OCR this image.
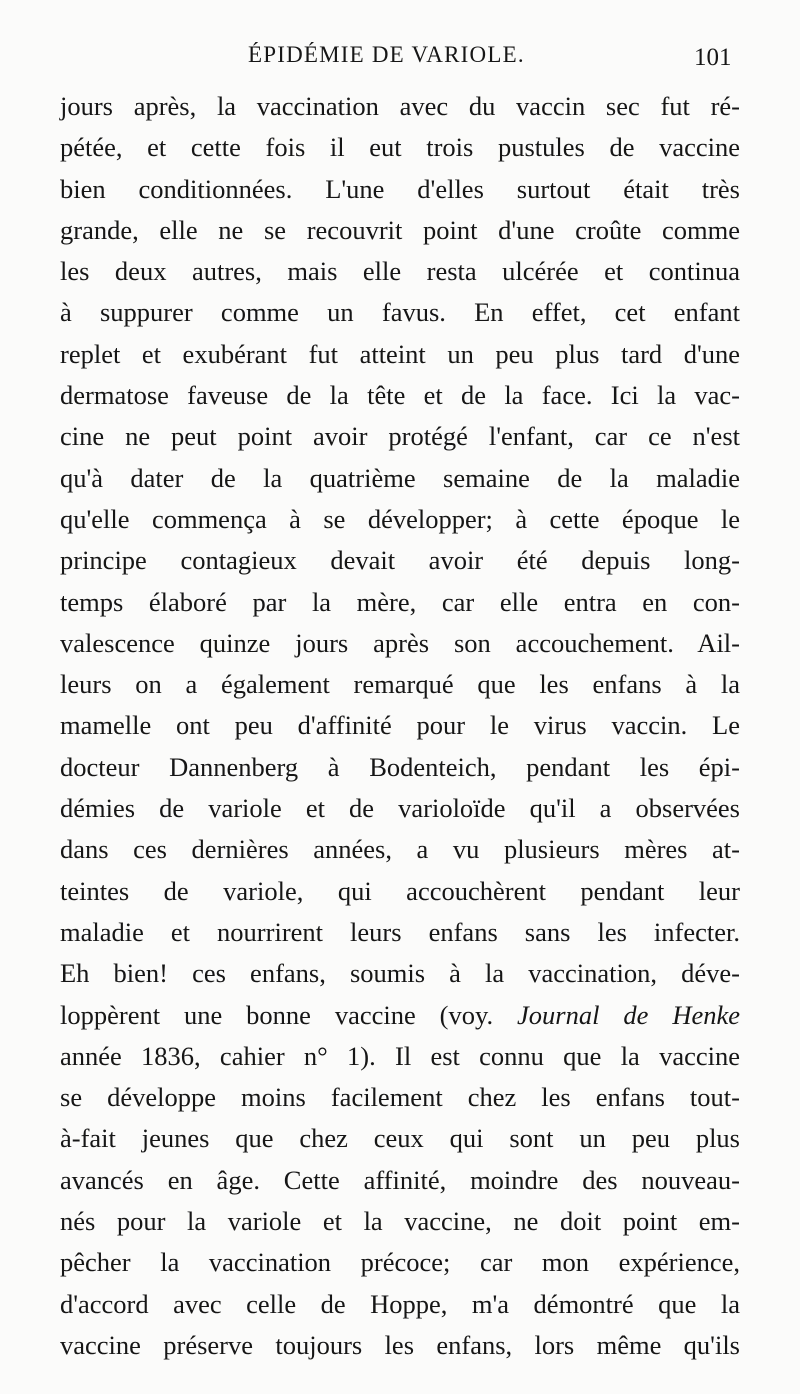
ÉPIDÉMIE DE VARIOLE.	101
jours après, la vaccination avec du vaccin sec fut ré-
pétée, et cette fois il eut trois pustules de vaccine
bien conditionnées. L'une d'elles surtout était très
grande, elle ne se recouvrit point d'une croûte comme
les deux autres, mais elle resta ulcérée et continua
à suppurer comme un favus. En effet, cet enfant
replet et exubérant fut atteint un peu plus tard d'une
dermatose faveuse de la tête et de la face. Ici la vac-
cine ne peut point avoir protégé l'enfant, car ce n'est
qu'à dater de la quatrième semaine de la maladie
qu'elle commença à se développer; à cette époque le
principe contagieux devait avoir été depuis long-
temps élaboré par la mère, car elle entra en con-
valescence quinze jours après son accouchement. Ail-
leurs on a également remarqué que les enfans à la
mamelle ont peu d'affinité pour le virus vaccin. Le
docteur Dannenberg à Bodenteich, pendant les épi-
démies de variole et de varioloïde qu'il a observées
dans ces dernières années, a vu plusieurs mères at-
teintes de variole, qui accouchèrent pendant leur
maladie et nourrirent leurs enfans sans les infecter.
Eh bien! ces enfans, soumis à la vaccination, déve-
loppèrent une bonne vaccine (voy. Journal de Henke
année 1836, cahier n° 1). Il est connu que la vaccine
se développe moins facilement chez les enfans tout-
à-fait jeunes que chez ceux qui sont un peu plus
avancés en âge. Cette affinité, moindre des nouveau-
nés pour la variole et la vaccine, ne doit point em-
pêcher la vaccination précoce; car mon expérience,
d'accord avec celle de Hoppe, m'a démontré que la
vaccine préserve toujours les enfans, lors même qu'ils
